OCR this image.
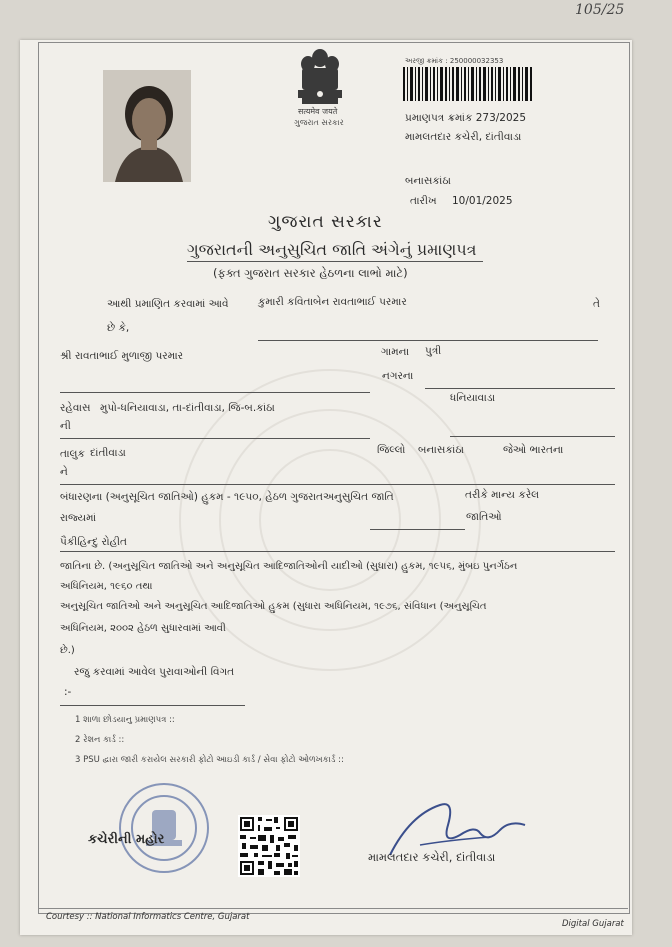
105/25
सत्यमेव जयते
ગુજરાત સરકાર
અરજી ક્રમાંક : 250000032353
પ્રમાણપત્ર ક્રમાંક 273/2025
મામલતદાર કચેરી, દાંતીવાડા
બનાસકાંઠા
તારીખ 10/01/2025
ગુજરાત સરકાર
ગુજરાતની અનુસુચિત જાતિ અંગેનું પ્રમાણપત્ર
(ફક્ત ગુજરાત સરકાર હેઠળના લાભો માટે)
આથી પ્રમાણિત કરવામાં આવે	કુમારી કવિતાબેન રાવતાભાઈ પરમાર	તે
છે કે,
શ્રી રાવતાભાઈ મુળાજી પરમાર	ગામના પુત્રી
નગરના
ધનિયાવાડા
રહેવાસ મુપો-ધનિયાવાડા, તા-દાંતીવાડા, જિ-બ.કાંઠા
ની
તાલુક દાંતીવાડા	જિલ્લો બનાસકાંઠા	જેઓ ભારતના
ને
બંધારણના (અનુસૂચિત જાતિઓ) હુકમ - ૧૯૫૦, હેઠળ ગુજરાતઅનુસુચિત જાતિ	તરીકે માન્ય કરેલ
રાજ્યમાં	જાતિઓ
પૈકીહિન્દુ રોહીત
જાતિના છે. (અનુસૂચિત જાતિઓ અને અનુસૂચિત આદિજાતિઓની યાદીઓ (સુધારા) હુકમ, ૧૯૫૬, મુંબઇ પુનર્ગઠન
અધિનિયમ, ૧૯૬૦ તથા
અનુસૂચિત જાતિઓ અને અનુસૂચિત આદિજાતિઓ હુકમ (સુધારા અધિનિયમ, ૧૯૭૬, સંવિધાન (અનુસૂચિત
અધિનિયમ, ૨૦૦૨ હેઠળ સુધારવામાં આવી
છે.)
રજુ કરવામાં આવેલ પુરાવાઓની વિગત
:-
1 શાળા છોડયાનુ પ્રમાણપત્ર ::
2 રેશન કાર્ડ ::
3 PSU દ્વારા જારી કરાયેલ સરકારી ફોટો આઇડી કાર્ડ / સેવા ફોટો ઓળખકાર્ડ ::
કચેરીની મહોર
મામલતદાર કચેરી, દાંતીવાડા
Courtesy :: National Informatics Centre, Gujarat
Digital Gujarat
